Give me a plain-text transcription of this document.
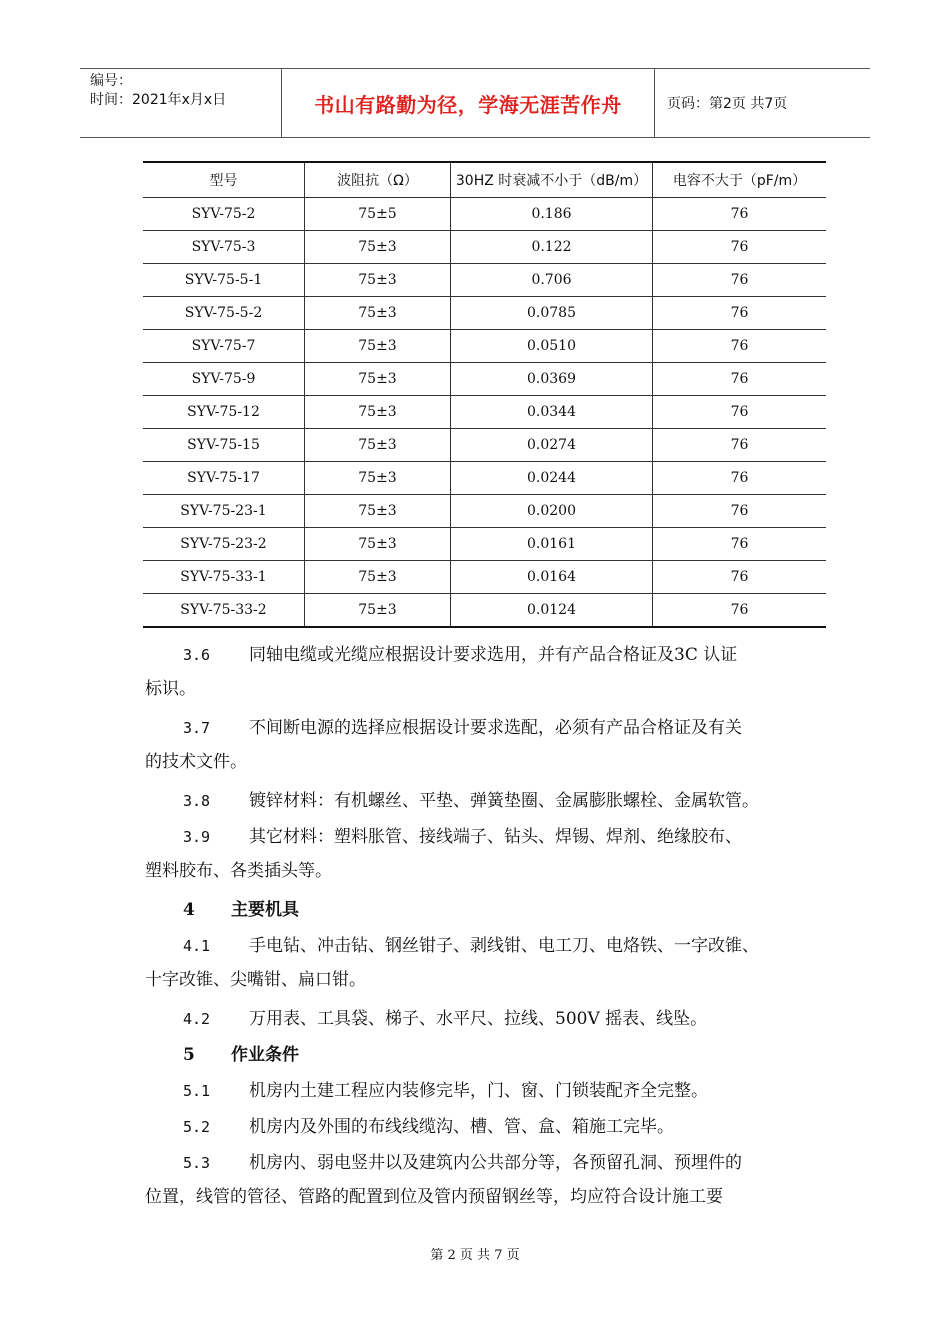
编号：
时间：2021年x月x日	书山有路勤为径，学海无涯苦作舟	页码：第2页 共7页
型号	波阻抗（Ω）	30HZ 时衰减不小于（dB/m）	电容不大于（pF/m）
SYV-75-2	75±5	0.186	76
SYV-75-3	75±3	0.122	76
SYV-75-5-1	75±3	0.706	76
SYV-75-5-2	75±3	0.0785	76
SYV-75-7	75±3	0.0510	76
SYV-75-9	75±3	0.0369	76
SYV-75-12	75±3	0.0344	76
SYV-75-15	75±3	0.0274	76
SYV-75-17	75±3	0.0244	76
SYV-75-23-1	75±3	0.0200	76
SYV-75-23-2	75±3	0.0161	76
SYV-75-33-1	75±3	0.0164	76
SYV-75-33-2	75±3	0.0124	76
3.6 同轴电缆或光缆应根据设计要求选用，并有产品合格证及3C 认证
标识。
3.7 不间断电源的选择应根据设计要求选配，必须有产品合格证及有关
的技术文件。
3.8 镀锌材料：有机螺丝、平垫、弹簧垫圈、金属膨胀螺栓、金属软管。
3.9 其它材料：塑料胀管、接线端子、钻头、焊锡、焊剂、绝缘胶布、
塑料胶布、各类插头等。
4 主要机具
4.1 手电钻、冲击钻、钢丝钳子、剥线钳、电工刀、电烙铁、一字改锥、
十字改锥、尖嘴钳、扁口钳。
4.2 万用表、工具袋、梯子、水平尺、拉线、500V 摇表、线坠。
5 作业条件
5.1 机房内土建工程应内装修完毕，门、窗、门锁装配齐全完整。
5.2 机房内及外围的布线线缆沟、槽、管、盒、箱施工完毕。
5.3 机房内、弱电竖井以及建筑内公共部分等，各预留孔洞、预埋件的
位置，线管的管径、管路的配置到位及管内预留钢丝等，均应符合设计施工要
第 2 页 共 7 页
